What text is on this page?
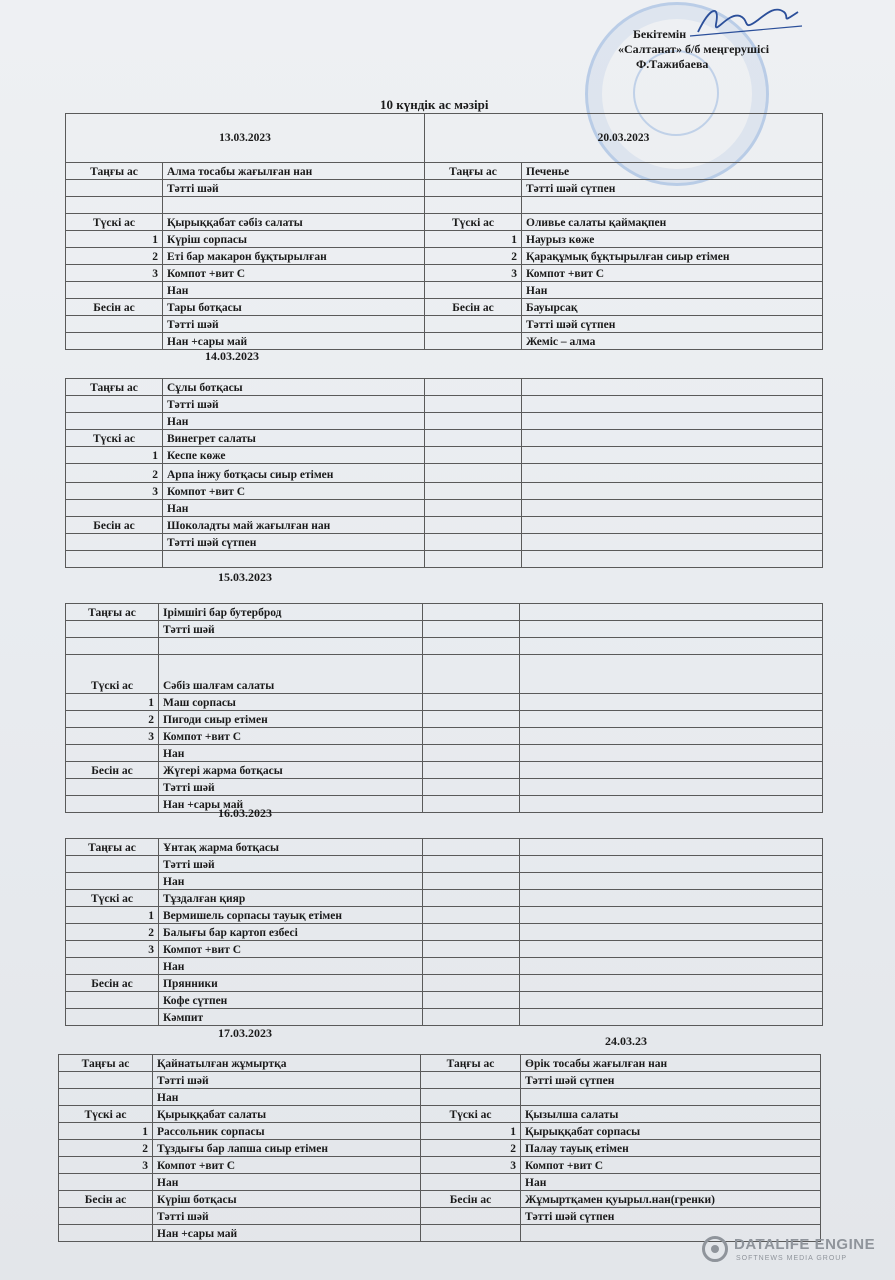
Бекітемін
«Салтанат» б/б меңгерушісі
Ф.Тажибаева
10 күндік ас мәзірі
13.03.2023		20.03.2023	
Таңғы ас	Алма тосабы жағылған нан	Таңғы ас	Печенье
	Тәтті шәй		Тәтті шәй сүтпен

Түскі ас	Қырыққабат сәбіз салаты	Түскі ас	Оливье салаты қаймақпен
1	Күріш сорпасы	1	Наурыз көже
2	Еті бар макарон бұқтырылған	2	Қарақұмық бұқтырылған сиыр етімен
3	Компот +вит С	3	Компот +вит С
	Нан		Нан
Бесін ас	Тары ботқасы	Бесін ас	Бауырсақ
	Тәтті шәй		Тәтті шәй сүтпен
	Нан +сары май		Жеміс – алма
14.03.2023
Таңғы ас	Сұлы ботқасы		
	Тәтті шәй		
	Нан		
Түскі ас	Винегрет салаты		
1	Кеспе көже		
2	Арпа інжу ботқасы сиыр етімен		
3	Компот +вит С		
	Нан		
Бесін ас	Шоколадты май жағылған нан		
	Тәтті шәй сүтпен		

15.03.2023
Таңғы ас	Ірімшігі бар бутерброд		
	Тәтті шәй		

Түскі ас	Сәбіз шалғам салаты		
1	Маш сорпасы		
2	Пигоди сиыр етімен		
3	Компот +вит С		
	Нан		
Бесін ас	Жүгері жарма ботқасы		
	Тәтті шәй		
	Нан +сары май		
16.03.2023
Таңғы ас	Ұнтақ жарма ботқасы		
	Тәтті шәй		
	Нан		
Түскі ас	Тұздалған қияр		
1	Вермишель сорпасы тауық етімен		
2	Балығы бар картоп езбесі		
3	Компот +вит С		
	Нан		
Бесін ас	Прянники		
	Кофе сүтпен		
	Кәмпит		
17.03.2023
24.03.23
Таңғы ас	Қайнатылған жұмыртқа	Таңғы ас	Өрік тосабы жағылған нан
	Тәтті шәй		Тәтті шәй сүтпен
	Нан		
Түскі ас	Қырыққабат салаты	Түскі ас	Қызылша салаты
1	Рассольник сорпасы	1	Қырыққабат сорпасы
2	Тұздығы бар лапша сиыр етімен	2	Палау тауық етімен
3	Компот +вит С	3	Компот +вит С
	Нан		Нан
Бесін ас	Күріш ботқасы	Бесін ас	Жұмыртқамен қуырыл.нан(гренки)
	Тәтті шәй		Тәтті шәй сүтпен
	Нан +сары май		
DATALIFE ENGINE
SOFTNEWS MEDIA GROUP
